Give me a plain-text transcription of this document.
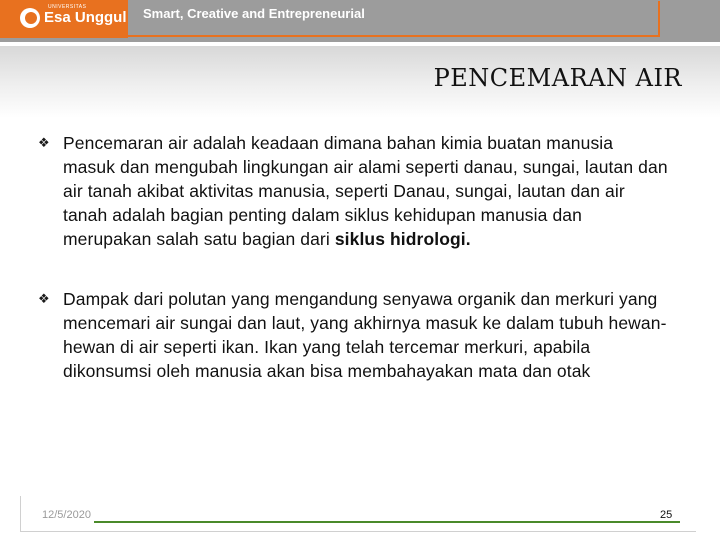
UNIVERSITAS
Esa Unggul Smart, Creative and Entrepreneurial
PENCEMARAN AIR
❖ Pencemaran air adalah keadaan dimana bahan kimia buatan manusia masuk dan mengubah lingkungan air alami seperti danau, sungai, lautan dan air tanah akibat aktivitas manusia, seperti Danau, sungai, lautan dan air tanah adalah bagian penting dalam siklus kehidupan manusia dan merupakan salah satu bagian dari siklus hidrologi.
❖ Dampak dari polutan yang mengandung senyawa organik dan merkuri yang mencemari air sungai dan laut, yang akhirnya masuk ke dalam tubuh hewan-hewan di air seperti ikan. Ikan yang telah tercemar merkuri, apabila dikonsumsi oleh manusia akan bisa membahayakan mata dan otak
12/5/2020	25
